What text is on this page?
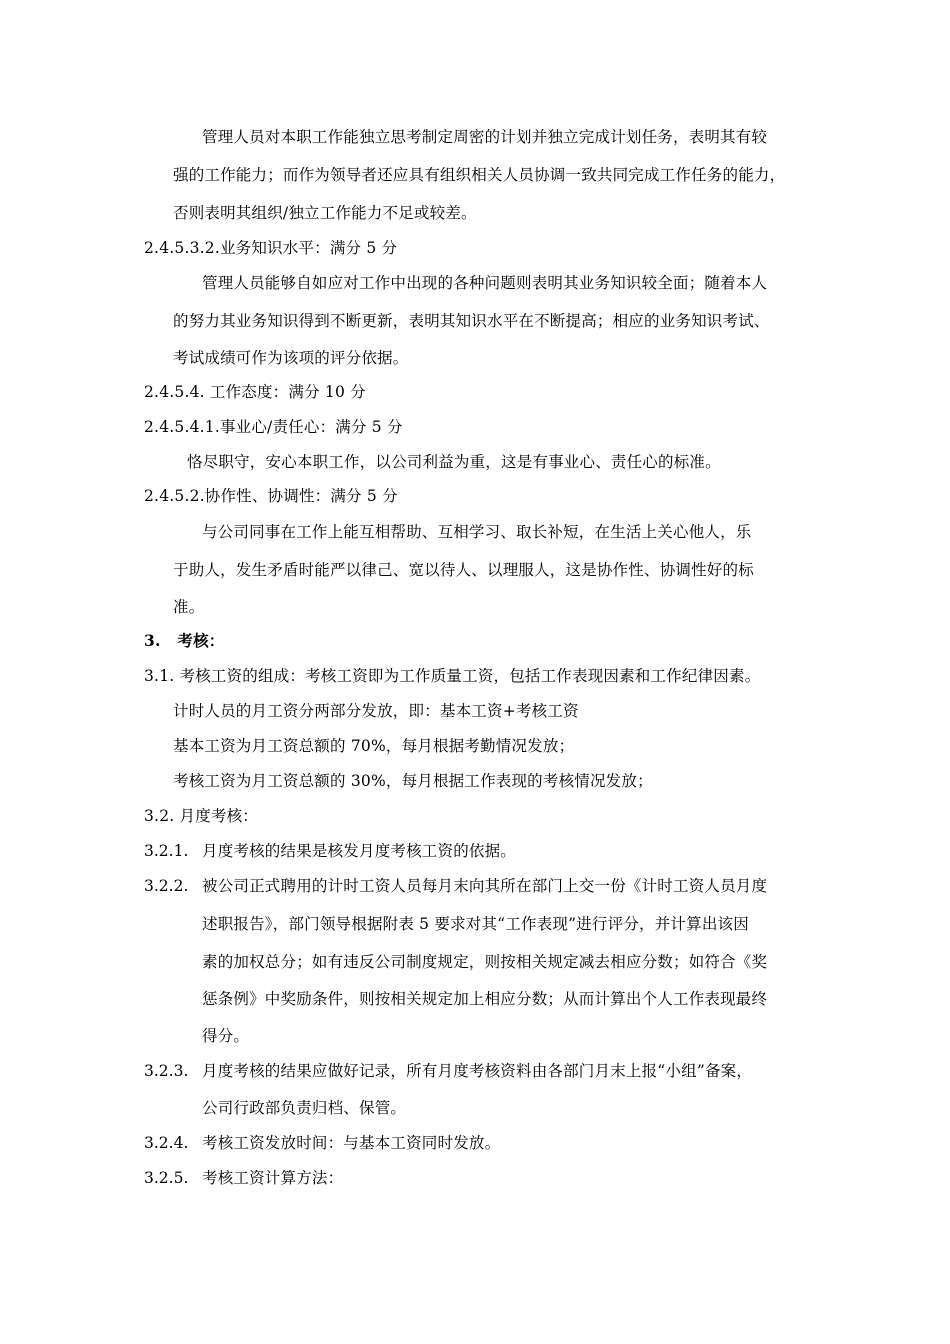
管理人员对本职工作能独立思考制定周密的计划并独立完成计划任务，表明其有较
强的工作能力；而作为领导者还应具有组织相关人员协调一致共同完成工作任务的能力，
否则表明其组织/独立工作能力不足或较差。
2.4.5.3.2.业务知识水平：满分 5 分
管理人员能够自如应对工作中出现的各种问题则表明其业务知识较全面；随着本人
的努力其业务知识得到不断更新，表明其知识水平在不断提高；相应的业务知识考试、
考试成绩可作为该项的评分依据。
2.4.5.4. 工作态度：满分 10 分
2.4.5.4.1.事业心/责任心：满分 5 分
恪尽职守，安心本职工作，以公司利益为重，这是有事业心、责任心的标准。
2.4.5.2.协作性、协调性：满分 5 分
与公司同事在工作上能互相帮助、互相学习、取长补短，在生活上关心他人，乐
于助人，发生矛盾时能严以律己、宽以待人、以理服人，这是协作性、协调性好的标
准。
3.   考核：
3.1. 考核工资的组成：考核工资即为工作质量工资，包括工作表现因素和工作纪律因素。
计时人员的月工资分两部分发放，即：基本工资+考核工资
基本工资为月工资总额的 70%，每月根据考勤情况发放；
考核工资为月工资总额的 30%，每月根据工作表现的考核情况发放；
3.2. 月度考核：
3.2.1. 月度考核的结果是核发月度考核工资的依据。
3.2.2. 被公司正式聘用的计时工资人员每月末向其所在部门上交一份《计时工资人员月度
述职报告》，部门领导根据附表 5 要求对其“工作表现”进行评分，并计算出该因
素的加权总分；如有违反公司制度规定，则按相关规定减去相应分数；如符合《奖
惩条例》中奖励条件，则按相关规定加上相应分数；从而计算出个人工作表现最终
得分。
3.2.3. 月度考核的结果应做好记录，所有月度考核资料由各部门月末上报“小组”备案，
公司行政部负责归档、保管。
3.2.4. 考核工资发放时间：与基本工资同时发放。
3.2.5. 考核工资计算方法：
